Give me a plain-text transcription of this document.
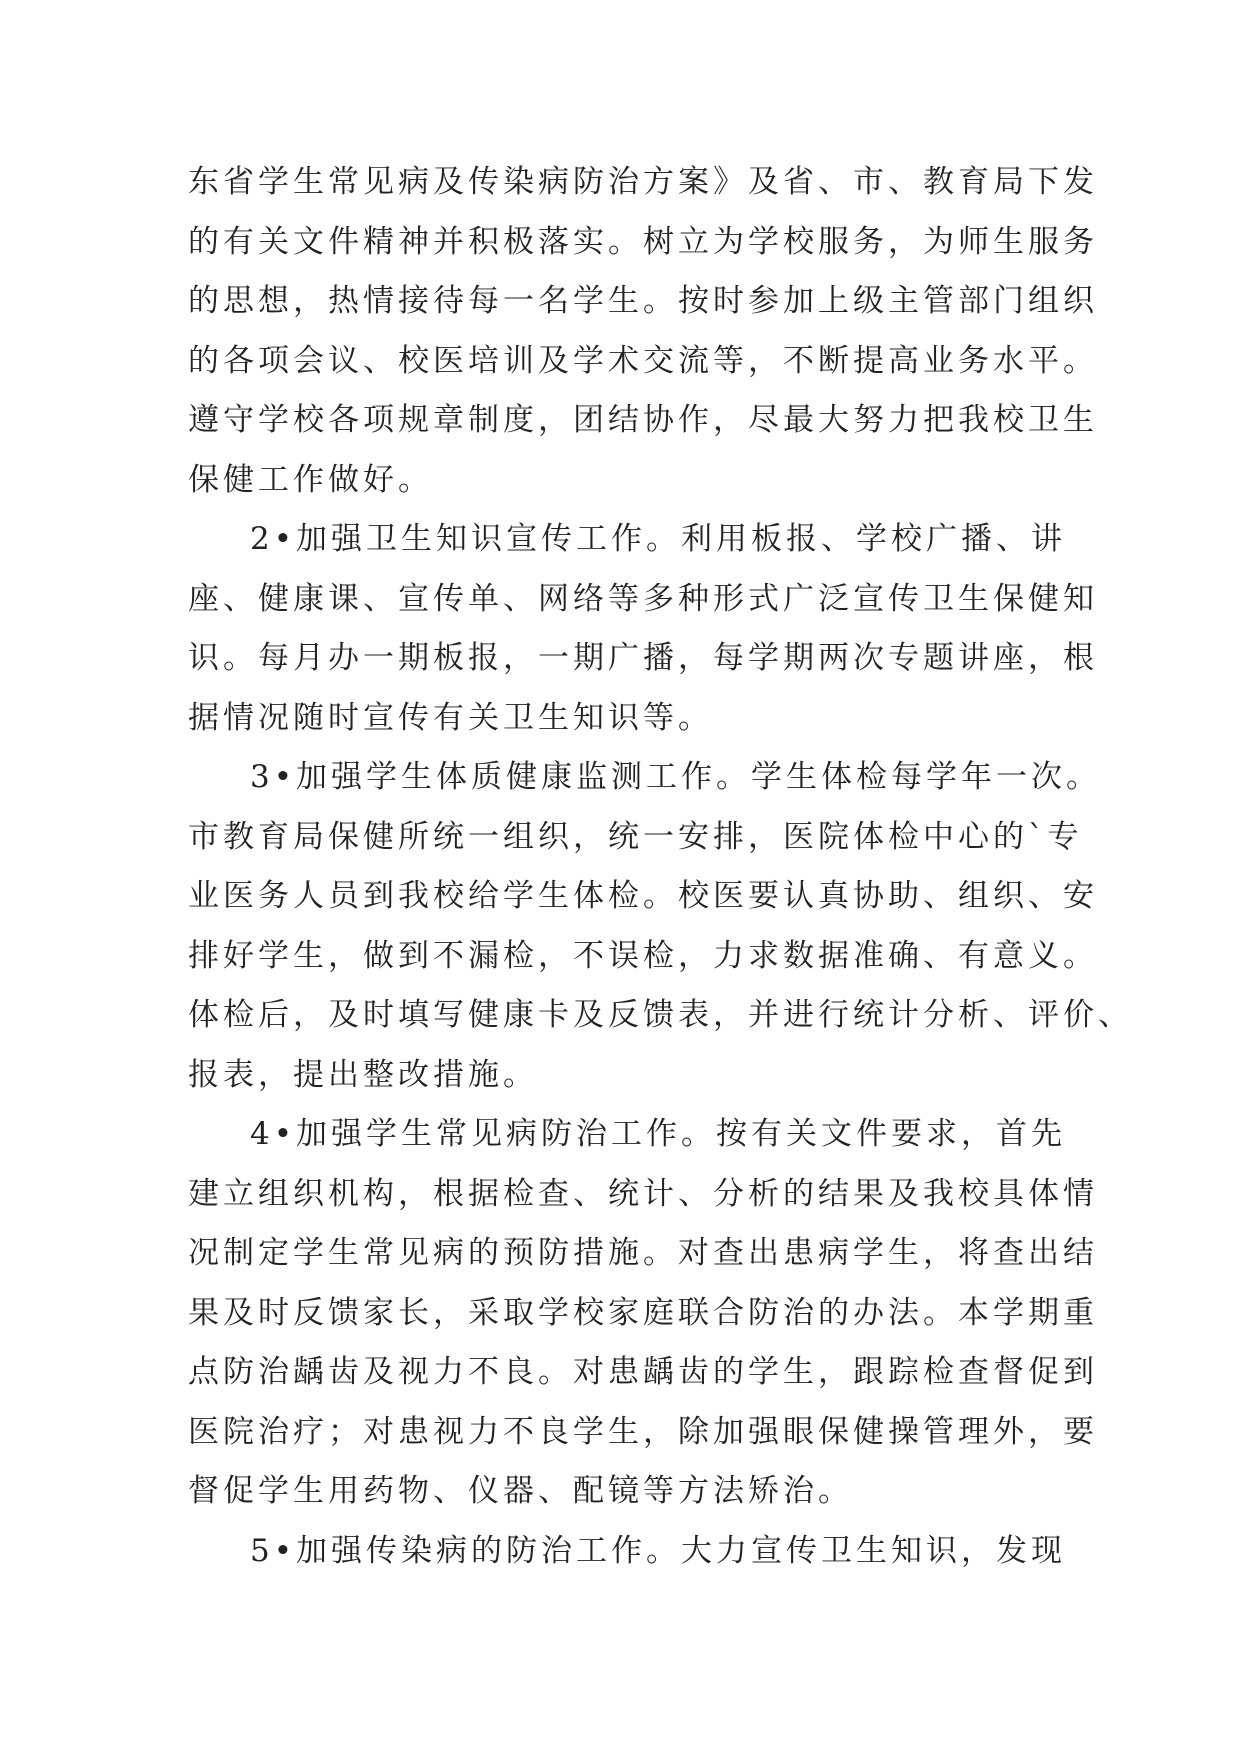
东省学生常见病及传染病防治方案》及省、市、教育局下发
的有关文件精神并积极落实。树立为学校服务，为师生服务
的思想，热情接待每一名学生。按时参加上级主管部门组织
的各项会议、校医培训及学术交流等，不断提高业务水平。
遵守学校各项规章制度，团结协作，尽最大努力把我校卫生
保健工作做好。
2•加强卫生知识宣传工作。利用板报、学校广播、讲
座、健康课、宣传单、网络等多种形式广泛宣传卫生保健知
识。每月办一期板报，一期广播，每学期两次专题讲座，根
据情况随时宣传有关卫生知识等。
3•加强学生体质健康监测工作。学生体检每学年一次。
市教育局保健所统一组织，统一安排，医院体检中心的`专
业医务人员到我校给学生体检。校医要认真协助、组织、安
排好学生，做到不漏检，不误检，力求数据准确、有意义。
体检后，及时填写健康卡及反馈表，并进行统计分析、评价、
报表，提出整改措施。
4•加强学生常见病防治工作。按有关文件要求，首先
建立组织机构，根据检查、统计、分析的结果及我校具体情
况制定学生常见病的预防措施。对查出患病学生，将查出结
果及时反馈家长，采取学校家庭联合防治的办法。本学期重
点防治龋齿及视力不良。对患龋齿的学生，跟踪检查督促到
医院治疗；对患视力不良学生，除加强眼保健操管理外，要
督促学生用药物、仪器、配镜等方法矫治。
5•加强传染病的防治工作。大力宣传卫生知识，发现
